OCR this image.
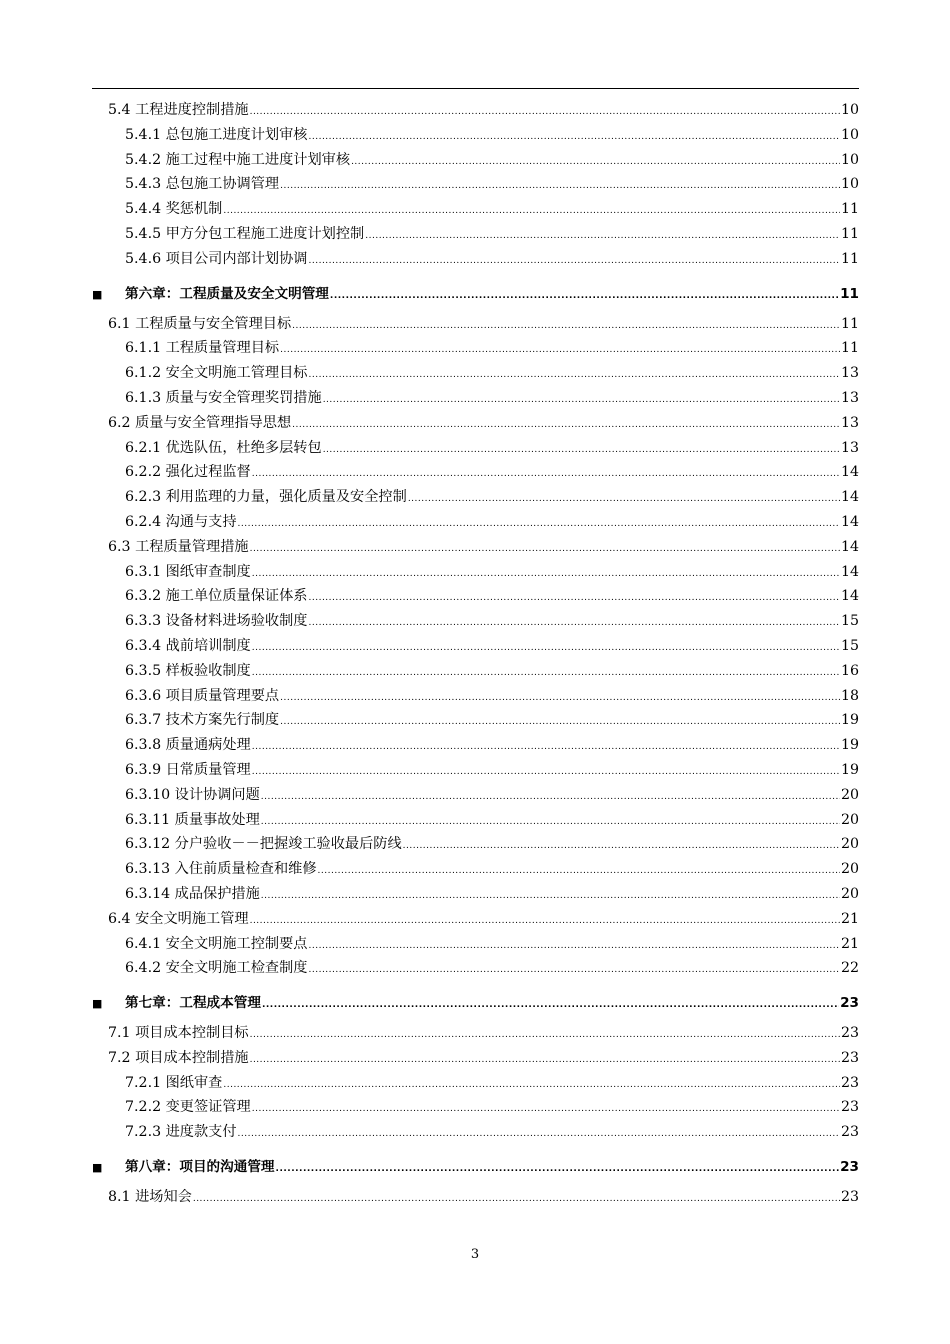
5.4 工程进度控制措施 .....	10
5.4.1 总包施工进度计划审核 .....	10
5.4.2 施工过程中施工进度计划审核 .....	10
5.4.3 总包施工协调管理 .....	10
5.4.4 奖惩机制 .....	11
5.4.5 甲方分包工程施工进度计划控制 .....	11
5.4.6 项目公司内部计划协调 .....	11
■	第六章：工程质量及安全文明管理 .....	11
6.1 工程质量与安全管理目标 .....	11
6.1.1 工程质量管理目标 .....	11
6.1.2 安全文明施工管理目标 .....	13
6.1.3 质量与安全管理奖罚措施 .....	13
6.2 质量与安全管理指导思想 .....	13
6.2.1 优选队伍，杜绝多层转包 .....	13
6.2.2 强化过程监督 .....	14
6.2.3 利用监理的力量，强化质量及安全控制 .....	14
6.2.4 沟通与支持 .....	14
6.3 工程质量管理措施 .....	14
6.3.1 图纸审查制度 .....	14
6.3.2 施工单位质量保证体系 .....	14
6.3.3 设备材料进场验收制度 .....	15
6.3.4 战前培训制度 .....	15
6.3.5 样板验收制度 .....	16
6.3.6 项目质量管理要点 .....	18
6.3.7 技术方案先行制度 .....	19
6.3.8 质量通病处理 .....	19
6.3.9 日常质量管理 .....	19
6.3.10 设计协调问题 .....	20
6.3.11 质量事故处理 .....	20
6.3.12 分户验收－－把握竣工验收最后防线 .....	20
6.3.13 入住前质量检查和维修 .....	20
6.3.14 成品保护措施 .....	20
6.4 安全文明施工管理 .....	21
6.4.1 安全文明施工控制要点 .....	21
6.4.2 安全文明施工检查制度 .....	22
■	第七章：工程成本管理 .....	23
7.1 项目成本控制目标 .....	23
7.2 项目成本控制措施 .....	23
7.2.1 图纸审查 .....	23
7.2.2 变更签证管理 .....	23
7.2.3 进度款支付 .....	23
■	第八章：项目的沟通管理 .....	23
8.1 进场知会 .....	23
3
